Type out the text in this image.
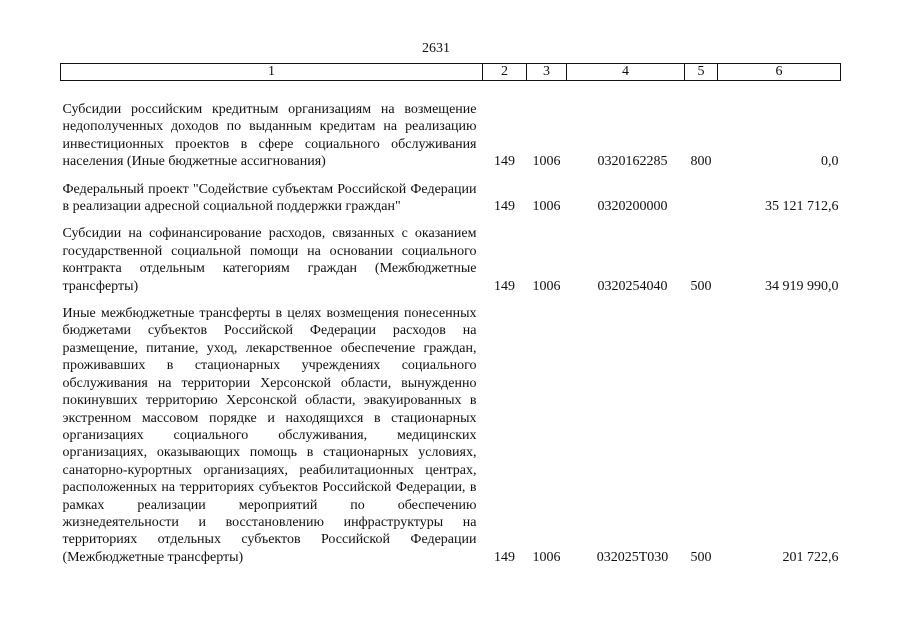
2631
1	2	3	4	5	6
Субсидии российским кредитным организациям на возмещение недополученных доходов по выданным кредитам на реализацию инвестиционных проектов в сфере социального обслуживания населения (Иные бюджетные ассигнования)	149	1006	0320162285	800	0,0
Федеральный проект "Содействие субъектам Российской Федерации в реализации адресной социальной поддержки граждан"	149	1006	0320200000		35 121 712,6
Субсидии на софинансирование расходов, связанных с оказанием государственной социальной помощи на основании социального контракта отдельным категориям граждан (Межбюджетные трансферты)	149	1006	0320254040	500	34 919 990,0
Иные межбюджетные трансферты в целях возмещения понесенных бюджетами субъектов Российской Федерации расходов на размещение, питание, уход, лекарственное обеспечение граждан, проживавших в стационарных учреждениях социального обслуживания на территории Херсонской области, вынужденно покинувших территорию Херсонской области, эвакуированных в экстренном массовом порядке и находящихся в стационарных организациях социального обслуживания, медицинских организациях, оказывающих помощь в стационарных условиях, санаторно-курортных организациях, реабилитационных центрах, расположенных на территориях субъектов Российской Федерации, в рамках реализации мероприятий по обеспечению жизнедеятельности и восстановлению инфраструктуры на территориях отдельных субъектов Российской Федерации (Межбюджетные трансферты)	149	1006	032025Т030	500	201 722,6
